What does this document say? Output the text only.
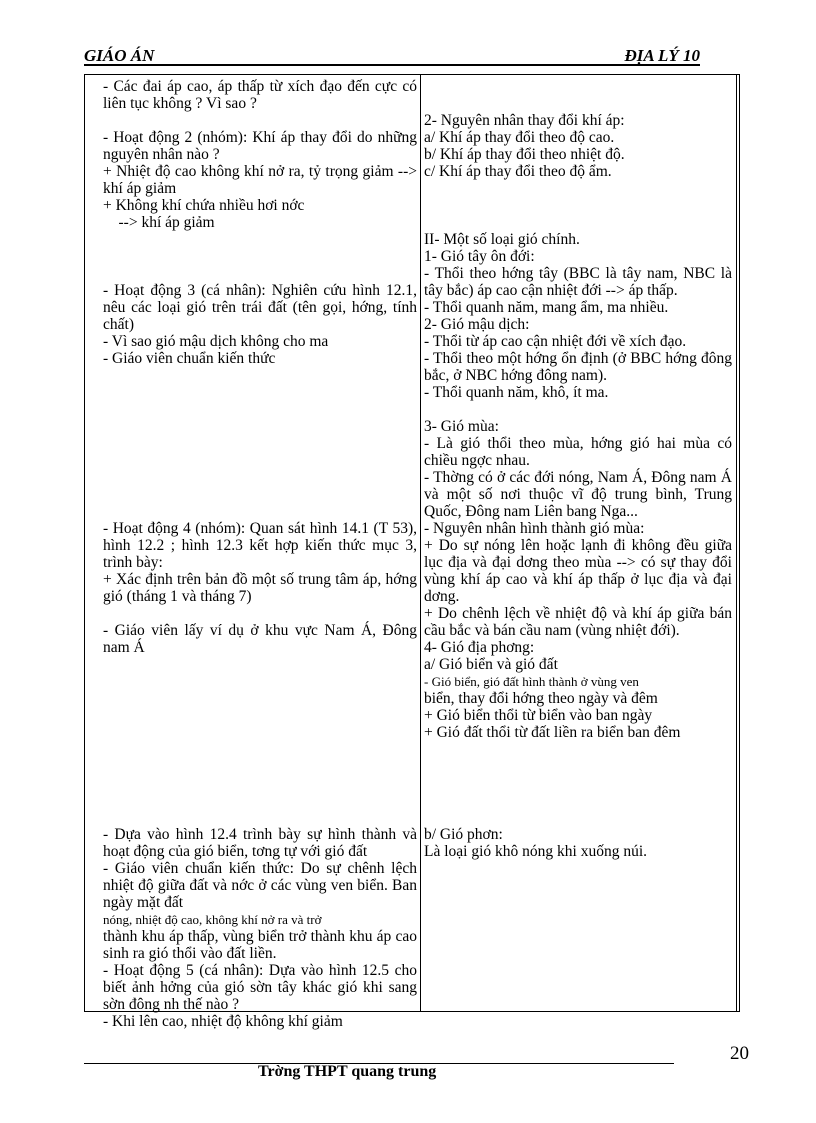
GIÁO ÁN	ĐỊA LÝ 10

- Các đai áp cao, áp thấp từ xích đạo đến cực có liên tục không ? Vì sao ?

- Hoạt động 2 (nhóm): Khí áp thay đổi do những nguyên nhân nào ?

+ Nhiệt độ cao không khí nở ra, tỷ trọng giảm --> khí áp giảm

+ Không khí chứa nhiều hơi nớc

--> khí áp giảm

- Hoạt động 3 (cá nhân): Nghiên cứu hình 12.1, nêu các loại gió trên trái đất (tên gọi, hớng, tính chất)

- Vì sao gió mậu dịch không cho ma

- Giáo viên chuẩn kiến thức

- Hoạt động 4 (nhóm): Quan sát hình 14.1 (T 53), hình 12.2 ; hình 12.3 kết hợp kiến thức mục 3, trình bày:

+ Xác định trên bản đồ một số trung tâm áp, hớng gió (tháng 1 và tháng 7)

- Giáo viên lấy ví dụ ở khu vực Nam Á, Đông nam Á

- Dựa vào hình 12.4 trình bày sự hình thành và hoạt động của gió biển, tơng tự với gió đất

- Giáo viên chuẩn kiến thức: Do sự chênh lệch nhiệt độ giữa đất và nớc ở các vùng ven biển. Ban ngày mặt đất

nóng, nhiệt độ cao, không khí nở ra và trở

thành khu áp thấp, vùng biển trở thành khu áp cao sinh ra gió thổi vào đất liền.

- Hoạt động 5 (cá nhân): Dựa vào hình 12.5 cho biết ảnh hởng của gió sờn tây khác gió khi sang sờn đông nh thế nào ?

- Khi lên cao, nhiệt độ không khí giảm

2- Nguyên nhân thay đổi khí áp:

a/ Khí áp thay đổi theo độ cao.

b/ Khí áp thay đổi theo nhiệt độ.

c/ Khí áp thay đổi theo độ ẩm.

II- Một số loại gió chính.

1- Gió tây ôn đới:

- Thổi theo hớng tây (BBC là tây nam, NBC là tây bắc) áp cao cận nhiệt đới --> áp thấp.

- Thổi quanh năm, mang ẩm, ma nhiều.

2- Gió mậu dịch:

- Thổi từ áp cao cận nhiệt đới về xích đạo.

- Thổi theo một hớng ổn định (ở BBC hớng đông bắc, ở NBC hớng đông nam).

- Thổi quanh năm, khô, ít ma.

3- Gió mùa:

- Là gió thổi theo mùa, hớng gió hai mùa có chiều ngợc nhau.

- Thờng có ở các đới nóng, Nam Á, Đông nam Á và một số nơi thuộc vĩ độ trung bình, Trung Quốc, Đông nam Liên bang Nga...

- Nguyên nhân hình thành gió mùa:

+ Do sự nóng lên hoặc lạnh đi không đều giữa lục địa và đại dơng theo mùa --> có sự thay đổi vùng khí áp cao và khí áp thấp ở lục địa và đại dơng.

+ Do chênh lệch về nhiệt độ và khí áp giữa bán cầu bắc và bán cầu nam (vùng nhiệt đới).

4- Gió địa phơng:

a/ Gió biển và gió đất

- Gió biển, gió đất hình thành ở vùng ven

biển, thay đổi hớng theo ngày và đêm

+ Gió biển thổi từ biển vào ban ngày

+ Gió đất thổi từ đất liền ra biển ban đêm

b/ Gió phơn:

Là loại gió khô nóng khi xuống núi.

20
Trờng THPT quang trung
